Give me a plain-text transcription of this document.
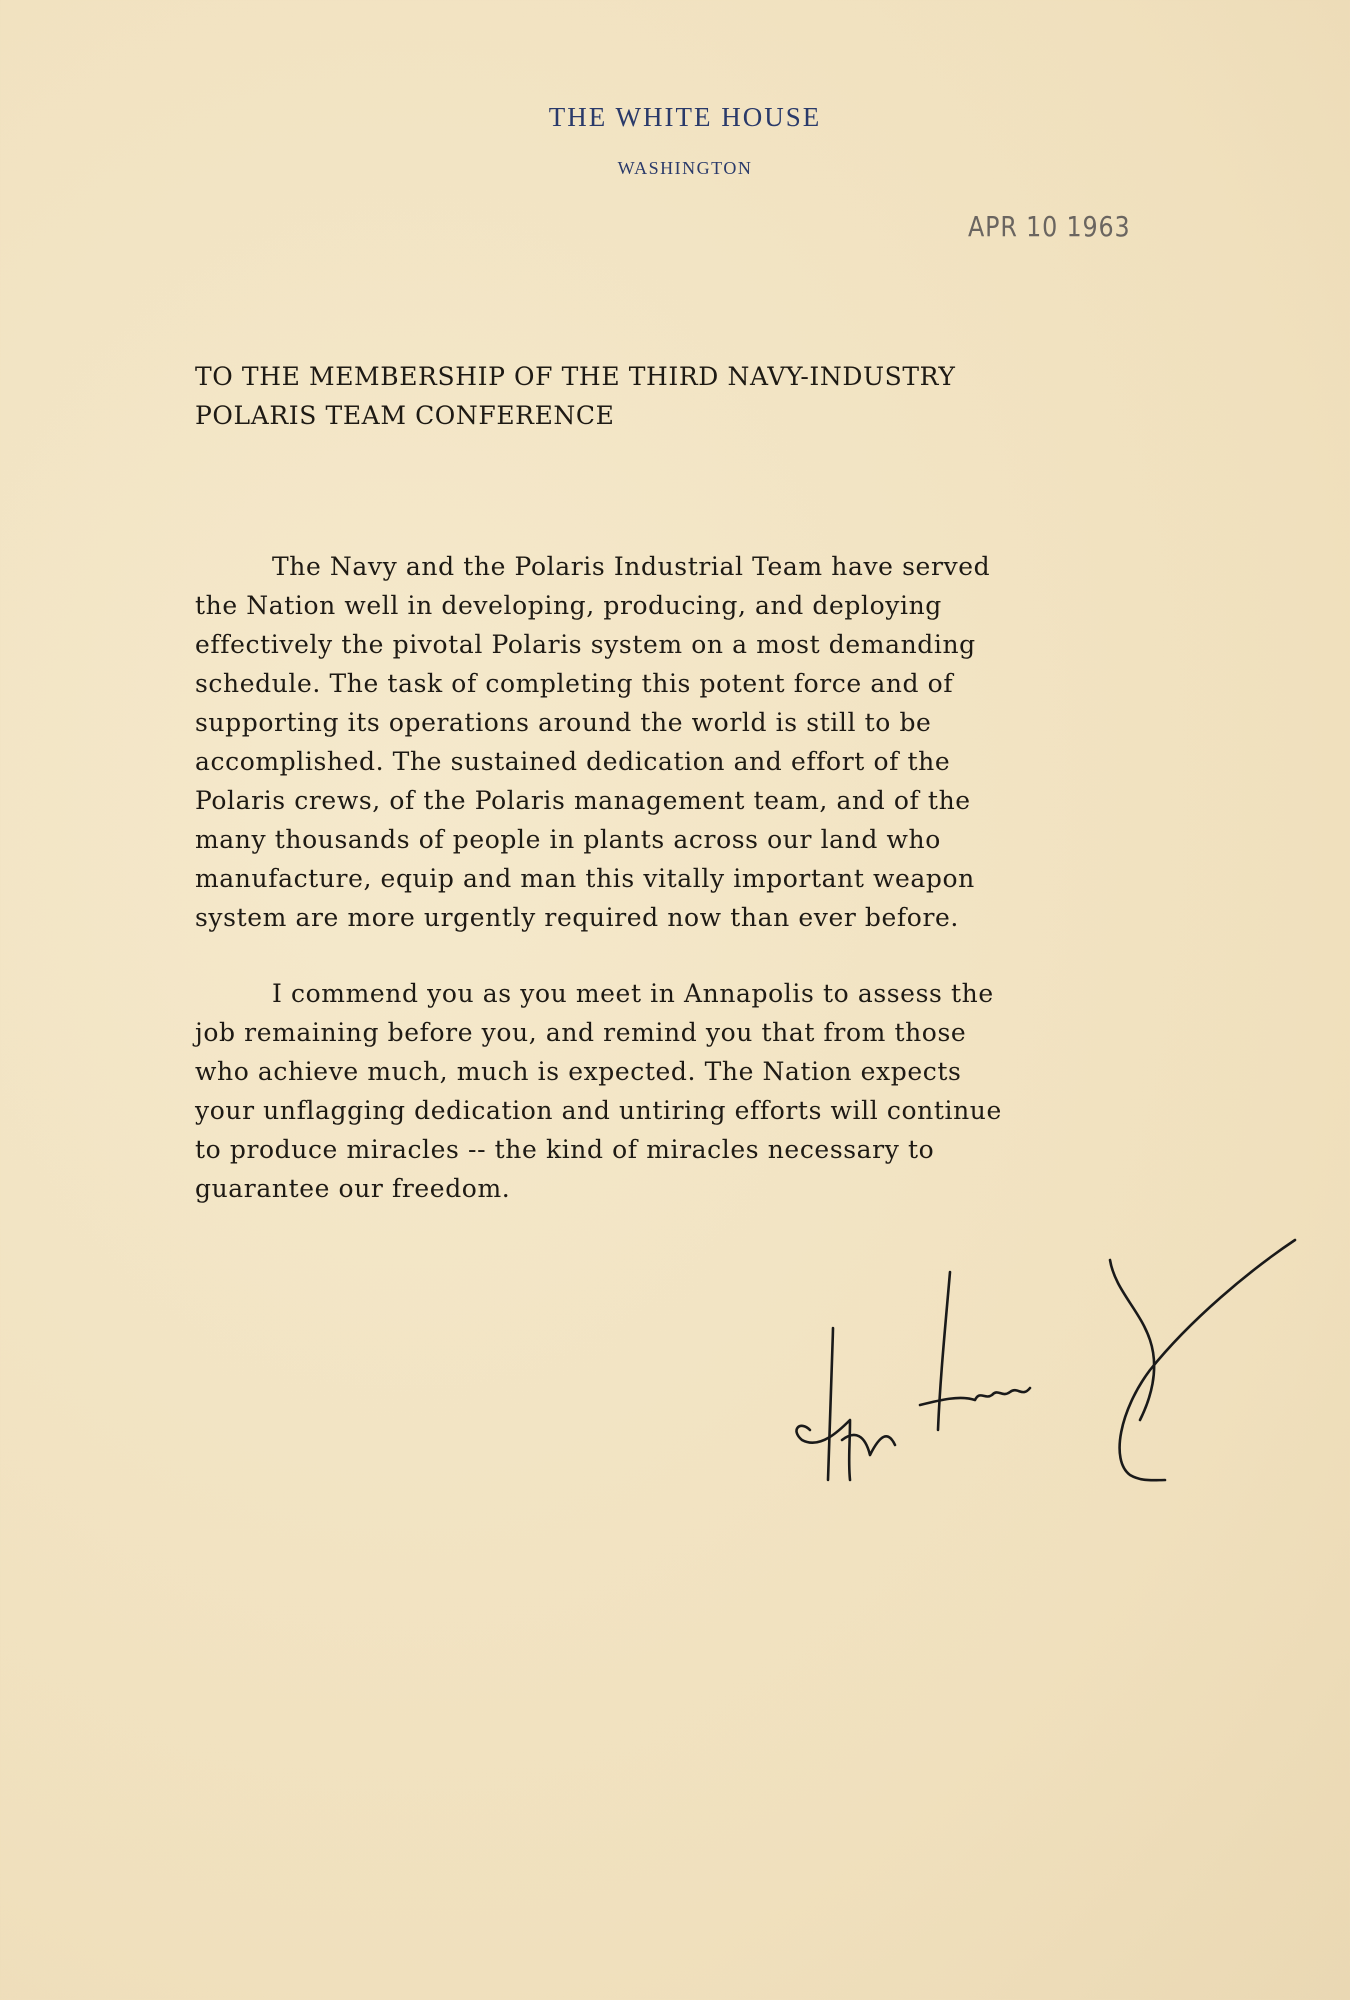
THE WHITE HOUSE
WASHINGTON
APR 10 1963
TO THE MEMBERSHIP OF THE THIRD NAVY-INDUSTRY
POLARIS TEAM CONFERENCE
The Navy and the Polaris Industrial Team have served
the Nation well in developing, producing, and deploying
effectively the pivotal Polaris system on a most demanding
schedule. The task of completing this potent force and of
supporting its operations around the world is still to be
accomplished. The sustained dedication and effort of the
Polaris crews, of the Polaris management team, and of the
many thousands of people in plants across our land who
manufacture, equip and man this vitally important weapon
system are more urgently required now than ever before.
I commend you as you meet in Annapolis to assess the
job remaining before you, and remind you that from those
who achieve much, much is expected. The Nation expects
your unflagging dedication and untiring efforts will continue
to produce miracles -- the kind of miracles necessary to
guarantee our freedom.
